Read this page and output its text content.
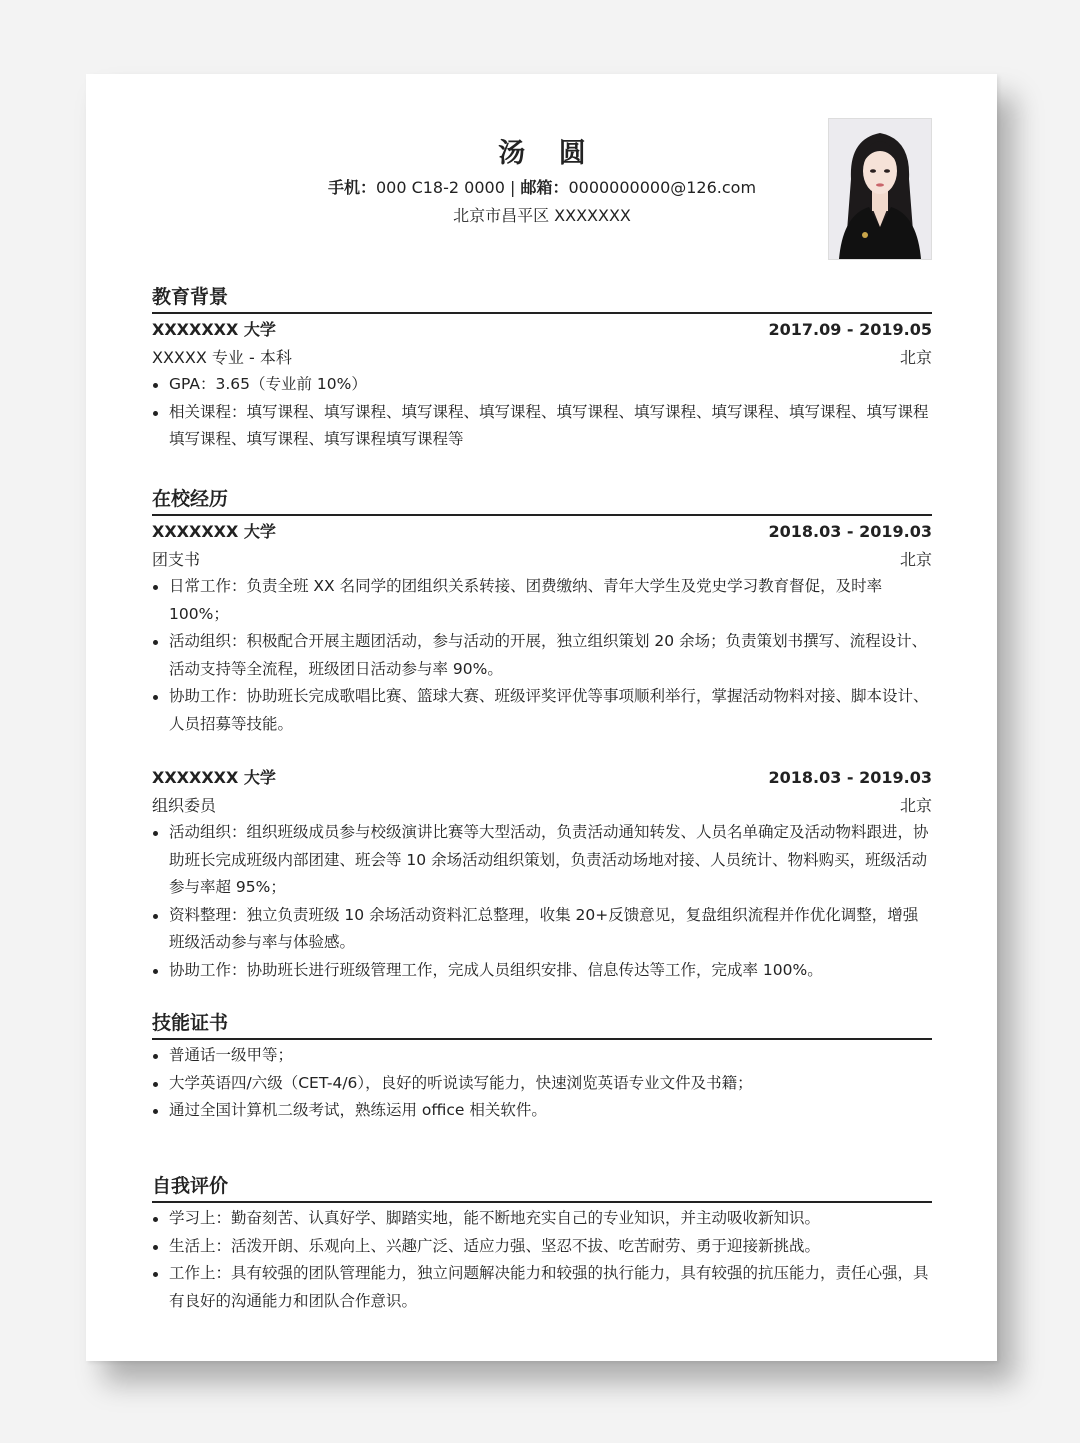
汤 圆
手机：000 C18-2 0000 | 邮箱：0000000000@126.com
北京市昌平区 XXXXXXX
教育背景
XXXXXXX 大学	2017.09 - 2019.05
XXXXX 专业 - 本科	北京
GPA：3.65（专业前 10%）
相关课程：填写课程、填写课程、填写课程、填写课程、填写课程、填写课程、填写课程、填写课程、填写课程填写课程、填写课程、填写课程填写课程等
在校经历
XXXXXXX 大学	2018.03 - 2019.03
团支书	北京
日常工作：负责全班 XX 名同学的团组织关系转接、团费缴纳、青年大学生及党史学习教育督促，及时率 100%；
活动组织：积极配合开展主题团活动，参与活动的开展，独立组织策划 20 余场；负责策划书撰写、流程设计、活动支持等全流程，班级团日活动参与率 90%。
协助工作：协助班长完成歌唱比赛、篮球大赛、班级评奖评优等事项顺利举行，掌握活动物料对接、脚本设计、人员招募等技能。
XXXXXXX 大学	2018.03 - 2019.03
组织委员	北京
活动组织：组织班级成员参与校级演讲比赛等大型活动，负责活动通知转发、人员名单确定及活动物料跟进，协助班长完成班级内部团建、班会等 10 余场活动组织策划，负责活动场地对接、人员统计、物料购买，班级活动参与率超 95%；
资料整理：独立负责班级 10 余场活动资料汇总整理，收集 20+反馈意见，复盘组织流程并作优化调整，增强班级活动参与率与体验感。
协助工作：协助班长进行班级管理工作，完成人员组织安排、信息传达等工作，完成率 100%。
技能证书
普通话一级甲等；
大学英语四/六级（CET-4/6），良好的听说读写能力，快速浏览英语专业文件及书籍；
通过全国计算机二级考试，熟练运用 office 相关软件。
自我评价
学习上：勤奋刻苦、认真好学、脚踏实地，能不断地充实自己的专业知识，并主动吸收新知识。
生活上：活泼开朗、乐观向上、兴趣广泛、适应力强、坚忍不拔、吃苦耐劳、勇于迎接新挑战。
工作上：具有较强的团队管理能力，独立问题解决能力和较强的执行能力，具有较强的抗压能力，责任心强，具有良好的沟通能力和团队合作意识。
